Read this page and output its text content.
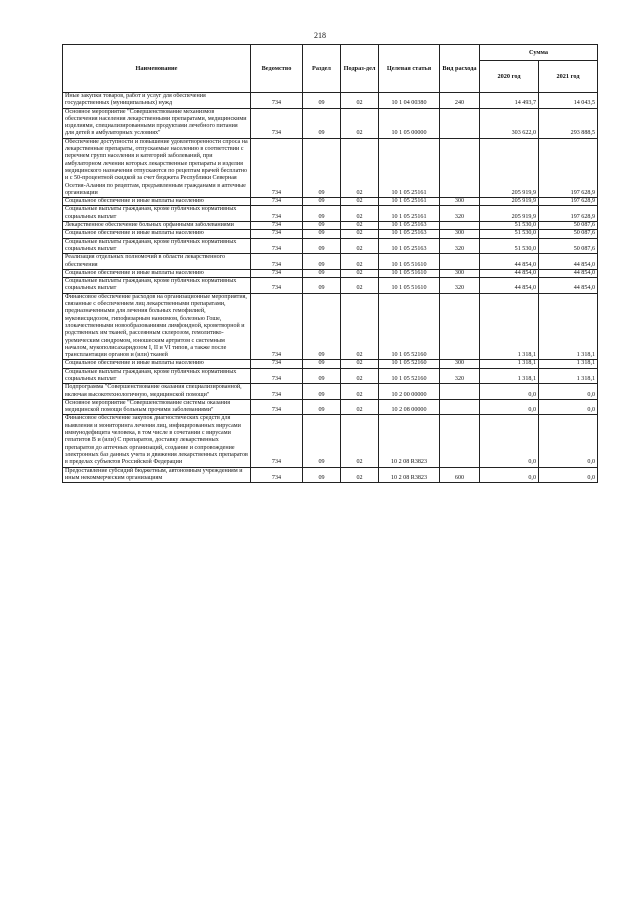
218
Наименование	Ведомство	Раздел	Подраз-дел	Целевая статья	Вид расхода	Сумма	
						2020 год	2021 год
Иные закупки товаров, работ и услуг для обеспечения государственных (муниципальных) нужд	734	09	02	10 1 04 00380	240	14 493,7	14 043,5
Основное мероприятие "Совершенствование механизмов обеспечения населения лекарственными препаратами, медицинскими изделиями, специализированными продуктами лечебного питания для детей в амбулаторных условиях"	734	09	02	10 1 05 00000		303 622,0	293 888,5
Обеспечение доступности и повышение удовлетворенности спроса на лекарственные препараты, отпускаемые населению в соответствии с перечнем групп населения и категорий заболеваний, при амбулаторном лечении которых лекарственные препараты и изделия медицинского назначения отпускаются по рецептам врачей бесплатно и с 50-процентной скидкой за счет бюджета Республики Северная Осетия-Алания по рецептам, предъявленным гражданами в аптечные организации	734	09	02	10 1 05 25161		205 919,9	197 628,9
Социальное обеспечение и иные выплаты населению	734	09	02	10 1 05 25161	300	205 919,9	197 628,9
Социальные выплаты гражданам, кроме публичных нормативных социальных выплат	734	09	02	10 1 05 25161	320	205 919,9	197 628,9
Лекарственное обеспечение больных орфанными заболеваниями	734	09	02	10 1 05 25163		51 530,0	50 087,6
Социальное обеспечение и иные выплаты населению	734	09	02	10 1 05 25163	300	51 530,0	50 087,6
Социальные выплаты гражданам, кроме публичных нормативных социальных выплат	734	09	02	10 1 05 25163	320	51 530,0	50 087,6
Реализация отдельных полномочий в области лекарственного обеспечения	734	09	02	10 1 05 51610		44 854,0	44 854,0
Социальное обеспечение и иные выплаты населению	734	09	02	10 1 05 51610	300	44 854,0	44 854,0
Социальные выплаты гражданам, кроме публичных нормативных социальных выплат	734	09	02	10 1 05 51610	320	44 854,0	44 854,0
Финансовое обеспечение расходов на организационные мероприятия, связанные с обеспечением лиц лекарственными препаратами, предназначенными для лечения больных гемофилией, муковисцидозом, гипофизарным нанизмом, болезнью Гоше, злокачественными новообразованиями лимфоидной, кроветворной и родственных им тканей, рассеянным склерозом, гемолитико-уремическим синдромом, юношеским артритом с системным началом, мукополисахаридозом I, II и VI типов, а также после трансплантации органов и (или) тканей	734	09	02	10 1 05 52160		1 318,1	1 318,1
Социальное обеспечение и иные выплаты населению	734	09	02	10 1 05 52160	300	1 318,1	1 318,1
Социальные выплаты гражданам, кроме публичных нормативных социальных выплат	734	09	02	10 1 05 52160	320	1 318,1	1 318,1
Подпрограмма "Совершенствование оказания специализированной, включая высокотехнологичную, медицинской помощи"	734	09	02	10 2 00 00000		0,0	0,0
Основное мероприятие "Совершенствование системы оказания медицинской помощи больным прочими заболеваниями"	734	09	02	10 2 08 00000		0,0	0,0
Финансовое обеспечение закупок диагностических средств для выявления и мониторинга лечения лиц, инфицированных вирусами иммунодефицита человека, в том числе в сочетании с вирусами гепатитов B и (или) C препаратов, доставку лекарственных препаратов до аптечных организаций, создание и сопровождение электронных баз данных учета и движения лекарственных препаратов в пределах субъектов Российской Федерации	734	09	02	10 2 08 R3823		0,0	0,0
Предоставление субсидий бюджетным, автономным учреждениям и иным некоммерческим организациям	734	09	02	10 2 08 R3823	600	0,0	0,0
